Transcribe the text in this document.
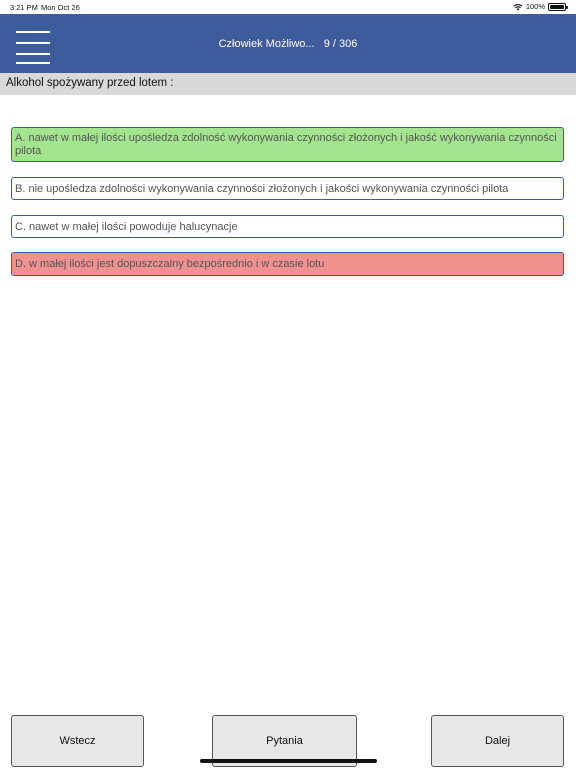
3:21 PM Mon Oct 26	100%
Człowiek Możliwo...   9 / 306
Alkohol spożywany przed lotem :
A. nawet w małej ilości upośledza zdolność wykonywania czynności złożonych i jakość wykonywania czynności pilota
B. nie upośledza zdolności wykonywania czynności złożonych i jakości wykonywania czynności pilota
C. nawet w małej ilości powoduje halucynacje
D. w małej ilości jest dopuszczalny bezpośrednio i w czasie lotu
Wstecz	Pytania	Dalej
